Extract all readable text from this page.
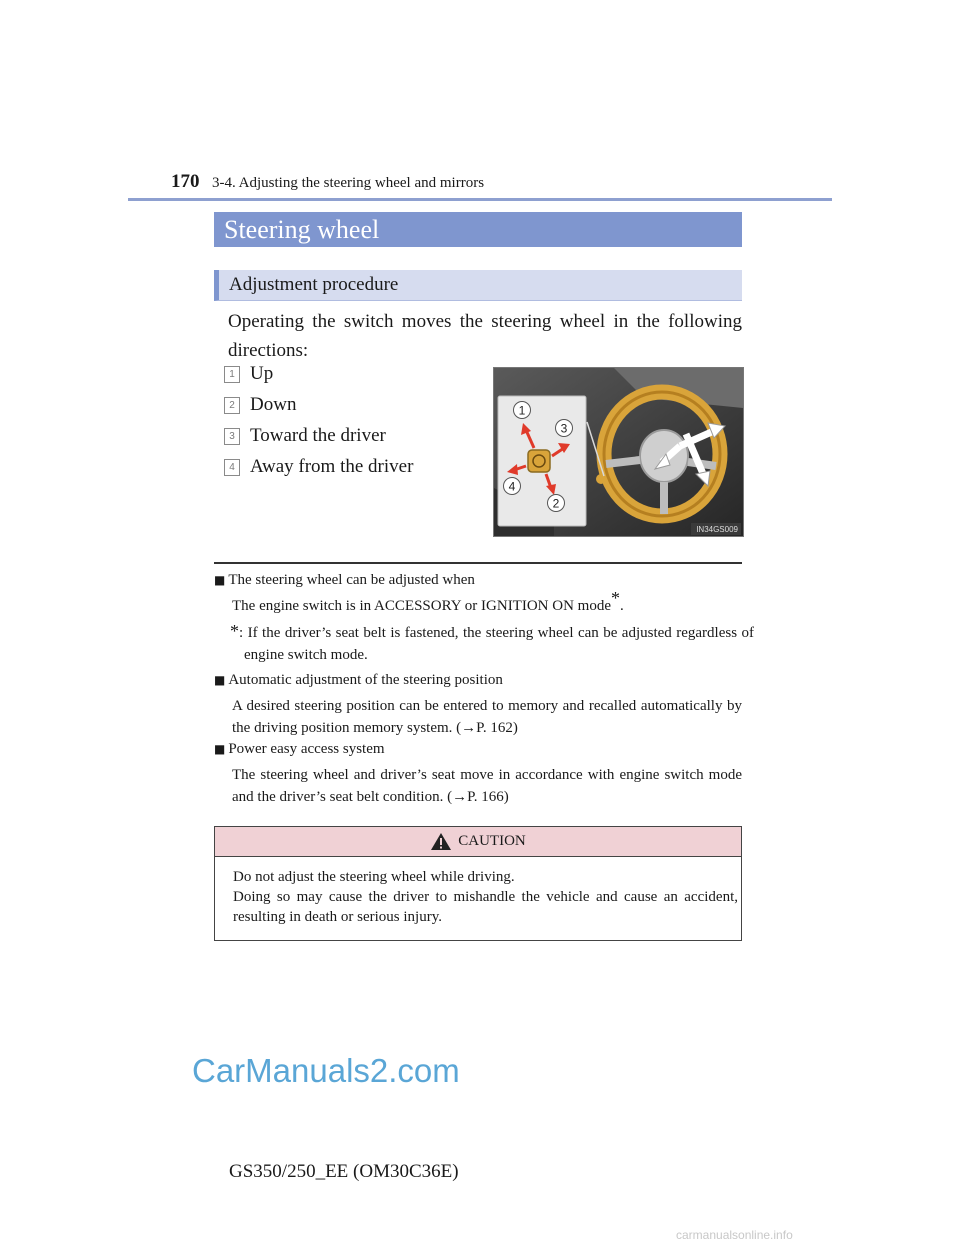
170 3-4. Adjusting the steering wheel and mirrors
Steering wheel
Adjustment procedure
Operating the switch moves the steering wheel in the following directions:
1 Up
2 Down
3 Toward the driver
4 Away from the driver
1
3
4
2
IN34GS009
■ The steering wheel can be adjusted when
The engine switch is in ACCESSORY or IGNITION ON mode*.
*: If the driver’s seat belt is fastened, the steering wheel can be adjusted regardless of engine switch mode.
■ Automatic adjustment of the steering position
A desired steering position can be entered to memory and recalled automatically by the driving position memory system. (→P. 162)
■ Power easy access system
The steering wheel and driver’s seat move in accordance with engine switch mode and the driver’s seat belt condition. (→P. 166)
CAUTION
Do not adjust the steering wheel while driving.
Doing so may cause the driver to mishandle the vehicle and cause an accident, resulting in death or serious injury.
CarManuals2.com
GS350/250_EE (OM30C36E)
carmanualsonline.info
